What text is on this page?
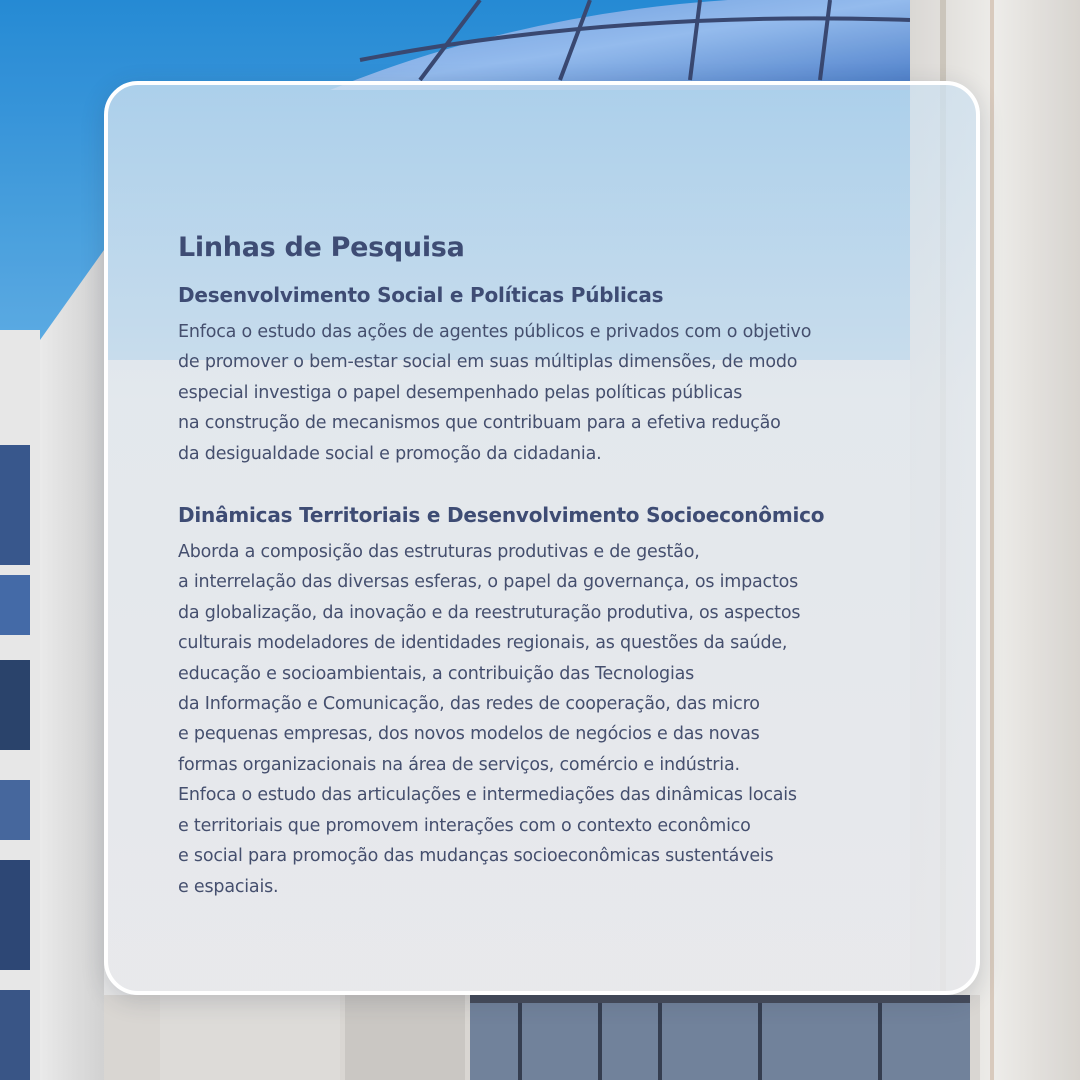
Linhas de Pesquisa
Desenvolvimento Social e Políticas Públicas
Enfoca o estudo das ações de agentes públicos e privados com o objetivo
de promover o bem-estar social em suas múltiplas dimensões, de modo
especial investiga o papel desempenhado pelas políticas públicas
na construção de mecanismos que contribuam para a efetiva redução
da desigualdade social e promoção da cidadania.
Dinâmicas Territoriais e Desenvolvimento Socioeconômico
Aborda a composição das estruturas produtivas e de gestão,
a interrelação das diversas esferas, o papel da governança, os impactos
da globalização, da inovação e da reestruturação produtiva, os aspectos
culturais modeladores de identidades regionais, as questões da saúde,
educação e socioambientais, a contribuição das Tecnologias
da Informação e Comunicação, das redes de cooperação, das micro
e pequenas empresas, dos novos modelos de negócios e das novas
formas organizacionais na área de serviços, comércio e indústria.
Enfoca o estudo das articulações e intermediações das dinâmicas locais
e territoriais que promovem interações com o contexto econômico
e social para promoção das mudanças socioeconômicas sustentáveis
e espaciais.
